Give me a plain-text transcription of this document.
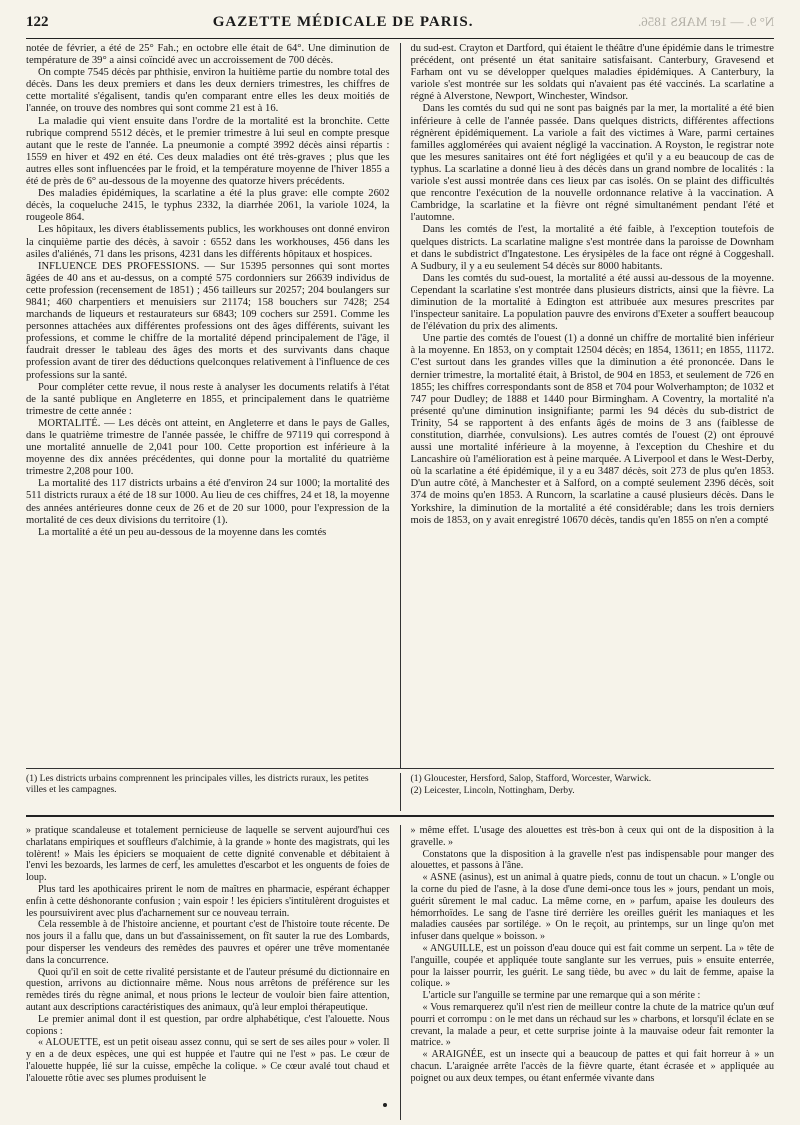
122	GAZETTE MÉDICALE DE PARIS.	N° 9. — 1er MARS 1856.

notée de février, a été de 25° Fah.; en octobre elle était de 64°. Une diminution de température de 39° a ainsi coïncidé avec un accroissement de 700 décès.

On compte 7545 décès par phthisie, environ la huitième partie du nombre total des décès. Dans les deux premiers et dans les deux derniers trimestres, les chiffres de cette mortalité s'égalisent, tandis qu'en comparant entre elles les deux moitiés de l'année, on trouve des nombres qui sont comme 21 est à 16.

La maladie qui vient ensuite dans l'ordre de la mortalité est la bronchite. Cette rubrique comprend 5512 décès, et le premier trimestre à lui seul en compte presque autant que le reste de l'année. La pneumonie a compté 3992 décès ainsi répartis : 1559 en hiver et 492 en été. Ces deux maladies ont été très-graves ; plus que les autres elles sont influencées par le froid, et la température moyenne de l'hiver 1855 a été de près de 6° au-dessous de la moyenne des quatorze hivers précédents.

Des maladies épidémiques, la scarlatine a été la plus grave: elle compte 2602 décès, la coqueluche 2415, le typhus 2332, la diarrhée 2061, la variole 1024, la rougeole 864.

Les hôpitaux, les divers établissements publics, les workhouses ont donné environ la cinquième partie des décès, à savoir : 6552 dans les workhouses, 456 dans les asiles d'aliénés, 71 dans les prisons, 4231 dans les différents hôpitaux et hospices.

INFLUENCE DES PROFESSIONS. — Sur 15395 personnes qui sont mortes âgées de 40 ans et au-dessus, on a compté 575 cordonniers sur 26639 individus de cette profession (recensement de 1851) ; 456 tailleurs sur 20257; 204 boulangers sur 9841; 460 charpentiers et menuisiers sur 21174; 158 bouchers sur 7428; 254 marchands de liqueurs et restaurateurs sur 6843; 109 cochers sur 2591. Comme les personnes attachées aux différentes professions ont des âges différents, suivant les professions, et comme le chiffre de la mortalité dépend principalement de l'âge, il faudrait dresser le tableau des âges des morts et des survivants dans chaque profession avant de tirer des déductions quelconques relativement à l'influence de ces professions sur la santé.

Pour compléter cette revue, il nous reste à analyser les documents relatifs à l'état de la santé publique en Angleterre en 1855, et principalement dans le quatrième trimestre de cette année :

MORTALITÉ. — Les décès ont atteint, en Angleterre et dans le pays de Galles, dans le quatrième trimestre de l'année passée, le chiffre de 97119 qui correspond à une mortalité annuelle de 2,041 pour 100. Cette proportion est inférieure à la moyenne des dix années précédentes, qui donne pour la mortalité du quatrième trimestre 2,208 pour 100.

La mortalité des 117 districts urbains a été d'environ 24 sur 1000; la mortalité des 511 districts ruraux a été de 18 sur 1000. Au lieu de ces chiffres, 24 et 18, la moyenne des années antérieures donne ceux de 26 et de 20 sur 1000, pour l'expression de la mortalité de ces deux divisions du territoire (1).

La mortalité a été un peu au-dessous de la moyenne dans les comtés

du sud-est. Crayton et Dartford, qui étaient le théâtre d'une épidémie dans le trimestre précédent, ont présenté un état sanitaire satisfaisant. Canterbury, Gravesend et Farham ont vu se développer quelques maladies épidémiques. A Canterbury, la variole s'est montrée sur les soldats qui n'avaient pas été vaccinés. La scarlatine a régné à Alverstone, Newport, Winchester, Windsor.

Dans les comtés du sud qui ne sont pas baignés par la mer, la mortalité a été bien inférieure à celle de l'année passée. Dans quelques districts, différentes affections régnèrent épidémiquement. La variole a fait des victimes à Ware, parmi certaines familles agglomérées qui avaient négligé la vaccination. A Royston, le registrar note que les mesures sanitaires ont été fort négligées et qu'il y a eu beaucoup de cas de typhus. La scarlatine a donné lieu à des décès dans un grand nombre de localités : la variole s'est aussi montrée dans ces lieux par cas isolés. On se plaint des difficultés que rencontre l'exécution de la nouvelle ordonnance relative à la vaccination. A Cambridge, la scarlatine et la fièvre ont régné simultanément pendant l'été et l'automne.

Dans les comtés de l'est, la mortalité a été faible, à l'exception toutefois de quelques districts. La scarlatine maligne s'est montrée dans la paroisse de Downham et dans le subdistrict d'Ingatestone. Les érysipèles de la face ont régné à Coggeshall. A Sudbury, il y a eu seulement 54 décès sur 8000 habitants.

Dans les comtés du sud-ouest, la mortalité a été aussi au-dessous de la moyenne. Cependant la scarlatine s'est montrée dans plusieurs districts, ainsi que la fièvre. La diminution de la mortalité à Edington est attribuée aux mesures prescrites par l'inspecteur sanitaire. La population pauvre des environs d'Exeter a souffert beaucoup de l'élévation du prix des aliments.

Une partie des comtés de l'ouest (1) a donné un chiffre de mortalité bien inférieur à la moyenne. En 1853, on y comptait 12504 décès; en 1854, 13611; en 1855, 11172. C'est surtout dans les grandes villes que la diminution a été prononcée. Dans le dernier trimestre, la mortalité était, à Bristol, de 904 en 1853, et seulement de 726 en 1855; les chiffres correspondants sont de 858 et 704 pour Wolverhampton; de 1032 et 747 pour Dudley; de 1888 et 1440 pour Birmingham. A Coventry, la mortalité n'a présenté qu'une diminution insignifiante; parmi les 94 décès du sub-district de Trinity, 54 se rapportent à des enfants âgés de moins de 3 ans (faiblesse de constitution, diarrhée, convulsions). Les autres comtés de l'ouest (2) ont éprouvé aussi une mortalité inférieure à la moyenne, à l'exception du Cheshire et du Lancashire où l'amélioration est à peine marquée. A Liverpool et dans le West-Derby, où la scarlatine a été épidémique, il y a eu 3487 décès, soit 273 de plus qu'en 1853. D'un autre côté, à Manchester et à Salford, on a compté seulement 2396 décès, soit 374 de moins qu'en 1853. A Runcorn, la scarlatine a causé plusieurs décès. Dans le Yorkshire, la diminution de la mortalité a été considérable; dans les trois derniers mois de 1853, on y avait enregistré 10670 décès, tandis qu'en 1855 on n'en a compté

(1) Les districts urbains comprennent les principales villes, les districts ruraux, les petites villes et les campagnes.
(1) Gloucester, Hersford, Salop, Stafford, Worcester, Warwick.
(2) Leicester, Lincoln, Nottingham, Derby.

» pratique scandaleuse et totalement pernicieuse de laquelle se servent aujourd'hui ces charlatans empiriques et souffleurs d'alchimie, à la grande » honte des magistrats, qui les tolèrent! » Mais les épiciers se moquaient de cette dignité convenable et débitaient à l'envi les bezoards, les larmes de cerf, les amulettes d'escarbot et les onguents de foies de loup.

Plus tard les apothicaires prirent le nom de maîtres en pharmacie, espérant échapper enfin à cette déshonorante confusion ; vain espoir ! les épiciers s'intitulèrent droguistes et les poursuivirent avec plus d'acharnement sur ce nouveau terrain.

Cela ressemble à de l'histoire ancienne, et pourtant c'est de l'histoire toute récente. De nos jours il a fallu que, dans un but d'assainissement, on fît sauter la rue des Lombards, pour disperser les vendeurs des remèdes des pauvres et opérer une trêve momentanée dans la concurrence.

Quoi qu'il en soit de cette rivalité persistante et de l'auteur présumé du dictionnaire en question, arrivons au dictionnaire même. Nous nous arrêtons de préférence sur les remèdes tirés du règne animal, et nous prions le lecteur de vouloir bien faire attention, autant aux descriptions caractéristiques des animaux, qu'à leur emploi thérapeutique.

Le premier animal dont il est question, par ordre alphabétique, c'est l'alouette. Nous copions :

« ALOUETTE, est un petit oiseau assez connu, qui se sert de ses ailes pour » voler. Il y en a de deux espèces, une qui est huppée et l'autre qui ne l'est » pas. Le cœur de l'alouette huppée, lié sur la cuisse, empêche la colique. » Ce cœur avalé tout chaud et l'alouette rôtie avec ses plumes produisent le

» même effet. L'usage des alouettes est très-bon à ceux qui ont de la disposition à la gravelle. »

Constatons que la disposition à la gravelle n'est pas indispensable pour manger des alouettes, et passons à l'âne.

« ASNE (asinus), est un animal à quatre pieds, connu de tout un chacun. » L'ongle ou la corne du pied de l'asne, à la dose d'une demi-once tous les » jours, pendant un mois, guérit sûrement le mal caduc. La même corne, en » parfum, apaise les douleurs des hémorrhoïdes. Le sang de l'asne tiré derrière les oreilles guérit les maniaques et les maladies causées par sortilége. » On le reçoit, au printemps, sur un linge qu'on met infuser dans quelque » boisson. »

« ANGUILLE, est un poisson d'eau douce qui est fait comme un serpent. La » tête de l'anguille, coupée et appliquée toute sanglante sur les verrues, puis » ensuite enterrée, pour la laisser pourrir, les guérit. Le sang tiède, bu avec » du lait de femme, apaise la colique. »

L'article sur l'anguille se termine par une remarque qui a son mérite :

« Vous remarquerez qu'il n'est rien de meilleur contre la chute de la matrice qu'un œuf pourri et corrompu : on le met dans un réchaud sur les » charbons, et lorsqu'il éclate en se crevant, la malade a peur, et cette surprise jointe à la mauvaise odeur fait remonter la matrice. »

« ARAIGNÉE, est un insecte qui a beaucoup de pattes et qui fait horreur à » un chacun. L'araignée arrête l'accès de la fièvre quarte, étant écrasée et » appliquée au poignet ou aux deux tempes, ou étant enfermée vivante dans
